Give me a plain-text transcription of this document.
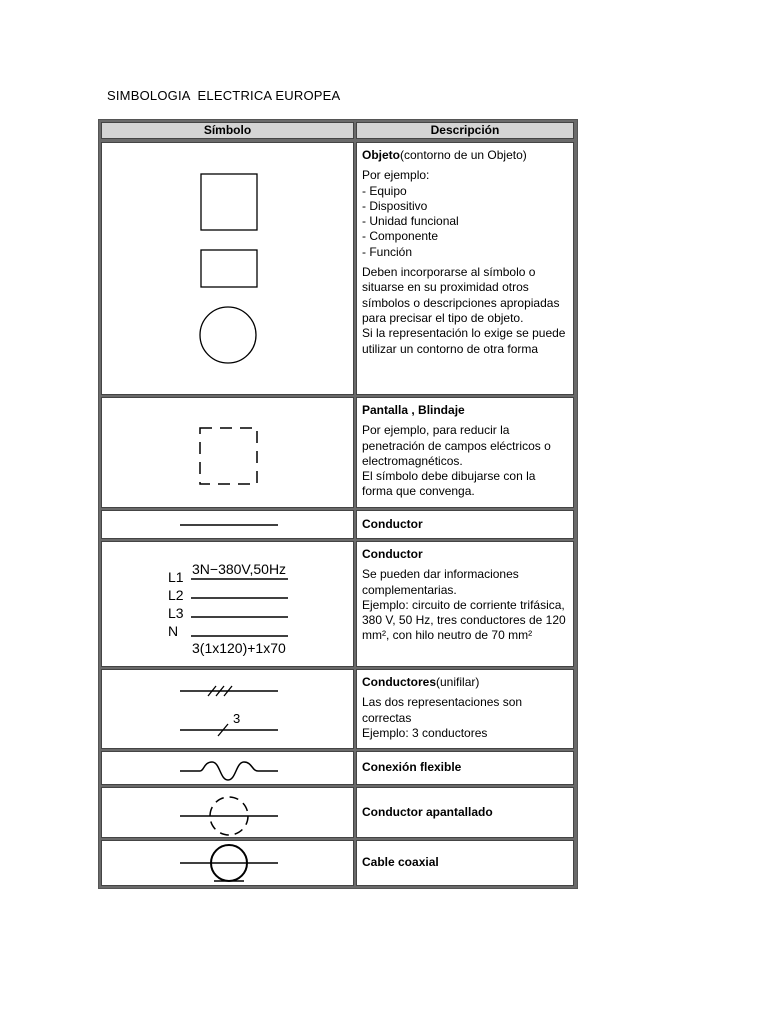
SIMBOLOGIA  ELECTRICA EUROPEA
Símbolo	Descripción

Objeto(contorno de un Objeto)

Por ejemplo:
- Equipo
- Dispositivo
- Unidad funcional
- Componente
- Función

Deben incorporarse al símbolo o situarse en su proximidad otros símbolos o descripciones apropiadas para precisar el tipo de objeto.
Si la representación lo exige se puede utilizar un contorno de otra forma

Pantalla , Blindaje

Por ejemplo, para reducir la penetración de campos eléctricos o electromagnéticos.
El símbolo debe dibujarse con la forma que convenga.

Conductor
3N−380V,50Hz
L1
L2
L3
N
3(1x120)+1x70

Conductor

Se pueden dar informaciones complementarias.
Ejemplo: circuito de corriente trifásica, 380 V, 50 Hz, tres conductores de 120 mm², con hilo neutro de 70 mm²

3

Conductores(unifilar)

Las dos representaciones son correctas
Ejemplo: 3 conductores

Conexión flexible
Conductor apantallado
Cable coaxial
